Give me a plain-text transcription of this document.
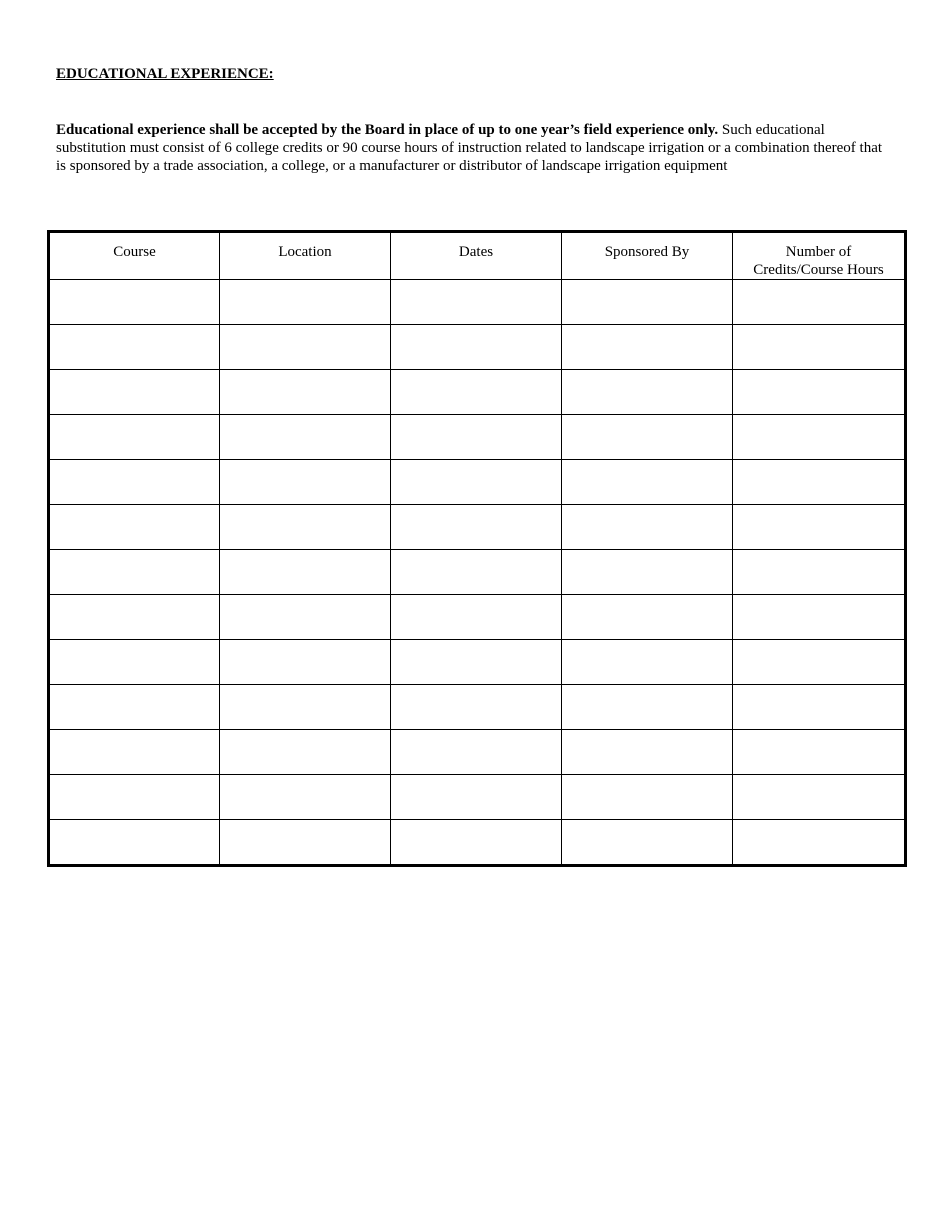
EDUCATIONAL EXPERIENCE:
Educational experience shall be accepted by the Board in place of up to one year’s field experience only. Such educational substitution must consist of 6 college credits or 90 course hours of instruction related to landscape irrigation or a combination thereof that is sponsored by a trade association, a college, or a manufacturer or distributor of landscape irrigation equipment
Course	Location	Dates	Sponsored By	Number of
Credits/Course Hours
